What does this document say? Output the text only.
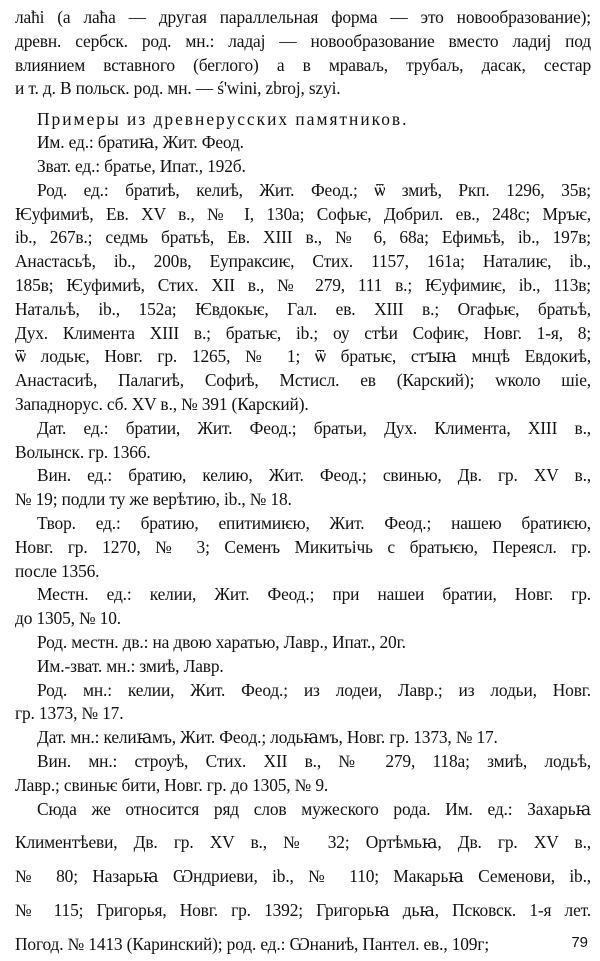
лаħі (а лаħа — другая параллельная форма — это новообразование);
древн. сербск. род. мн.: ладај — новообразование вместо ладиј под
влиянием вставного (беглого) а в мраваљ, трубаљ, дасак, сестар
и т. д. В польск. род. мн. — ś'wini, zbroj, szyi.
Примеры из древнерусских памятников.
Им. ед.: братиꙗ, Жит. Феод.
Зват. ед.: братье, Ипат., 192б.
Род. ед.: братиѣ, келиѣ, Жит. Феод.; ѿ змиѣ, Ркп. 1296, 35в;
Ѥуфимиѣ, Ев. XV в., № I, 130а; Софьѥ, Добрил. ев., 248с; Мръѥ,
ib., 267в.; седмь братьѣ, Ев. XIII в., № 6, 68а; Ефимьѣ, ib., 197в;
Анастасьѣ, ib., 200в, Еупраксиѥ, Стих. 1157, 161а; Наталиѥ, ib.,
185в; Ѥуфимиѣ, Стих. XII в., № 279, 111 в.; Ѥуфимиѥ, ib., 113в;
Натальѣ, ib., 152а; Ѥвдокьѥ, Гал. ев. XIII в.; Огафьѥ, братьѣ,
Дух. Климента XIII в.; братьѥ, ib.; оу стѣи Софиѥ, Новг. 1-я, 8;
ѿ лодьѥ, Новг. гр. 1265, № 1; ѿ братьѥ, стꙑꙗ мнцѣ Евдокиѣ,
Анастасиѣ, Палагиѣ, Софиѣ, Мстисл. ев (Карский); wколо шiе,
Западнорус. сб. XV в., № 391 (Карский).
Дат. ед.: братии, Жит. Феод.; братьи, Дух. Климента, XIII в.,
Волынск. гр. 1366.
Вин. ед.: братию, келию, Жит. Феод.; свинью, Дв. гр. XV в.,
№ 19; подли ту же верѣтию, ib., № 18.
Твор. ед.: братию, епитимиѥю, Жит. Феод.; нашею братиѥю,
Новг. гр. 1270, № 3; Семенъ Микитьiчь с братьѥю, Переясл. гр.
после 1356.
Местн. ед.: келии, Жит. Феод.; при нашеи братии, Новг. гр.
до 1305, № 10.
Род. местн. дв.: на двою харатью, Лавр., Ипат., 20г.
Им.-зват. мн.: змиѣ, Лавр.
Род. мн.: келии, Жит. Феод.; из лодеи, Лавр.; из лодьи, Новг.
гр. 1373, № 17.
Дат. мн.: келиꙗмъ, Жит. Феод.; лодьꙗмъ, Новг. гр. 1373, № 17.
Вин. мн.: строуѣ, Стих. XII в., № 279, 118а; змиѣ, лодьѣ,
Лавр.; свиньѥ бити, Новг. гр. до 1305, № 9.
Сюда же относится ряд слов мужеского рода. Им. ед.: Захарьꙗ
Климентѣеви, Дв. гр. XV в., № 32; Ортѣмьꙗ, Дв. гр. XV в.,
№ 80; Назарьꙗ Ѡндриеви, ib., № 110; Макарьꙗ Семенови, ib.,
№ 115; Григорья, Новг. гр. 1392; Григорьꙗ дьꙗ, Псковск. 1-я лет.
Погод. № 1413 (Каринский); род. ед.: Ѡнаниѣ, Пантел. ев., 109г;	79
